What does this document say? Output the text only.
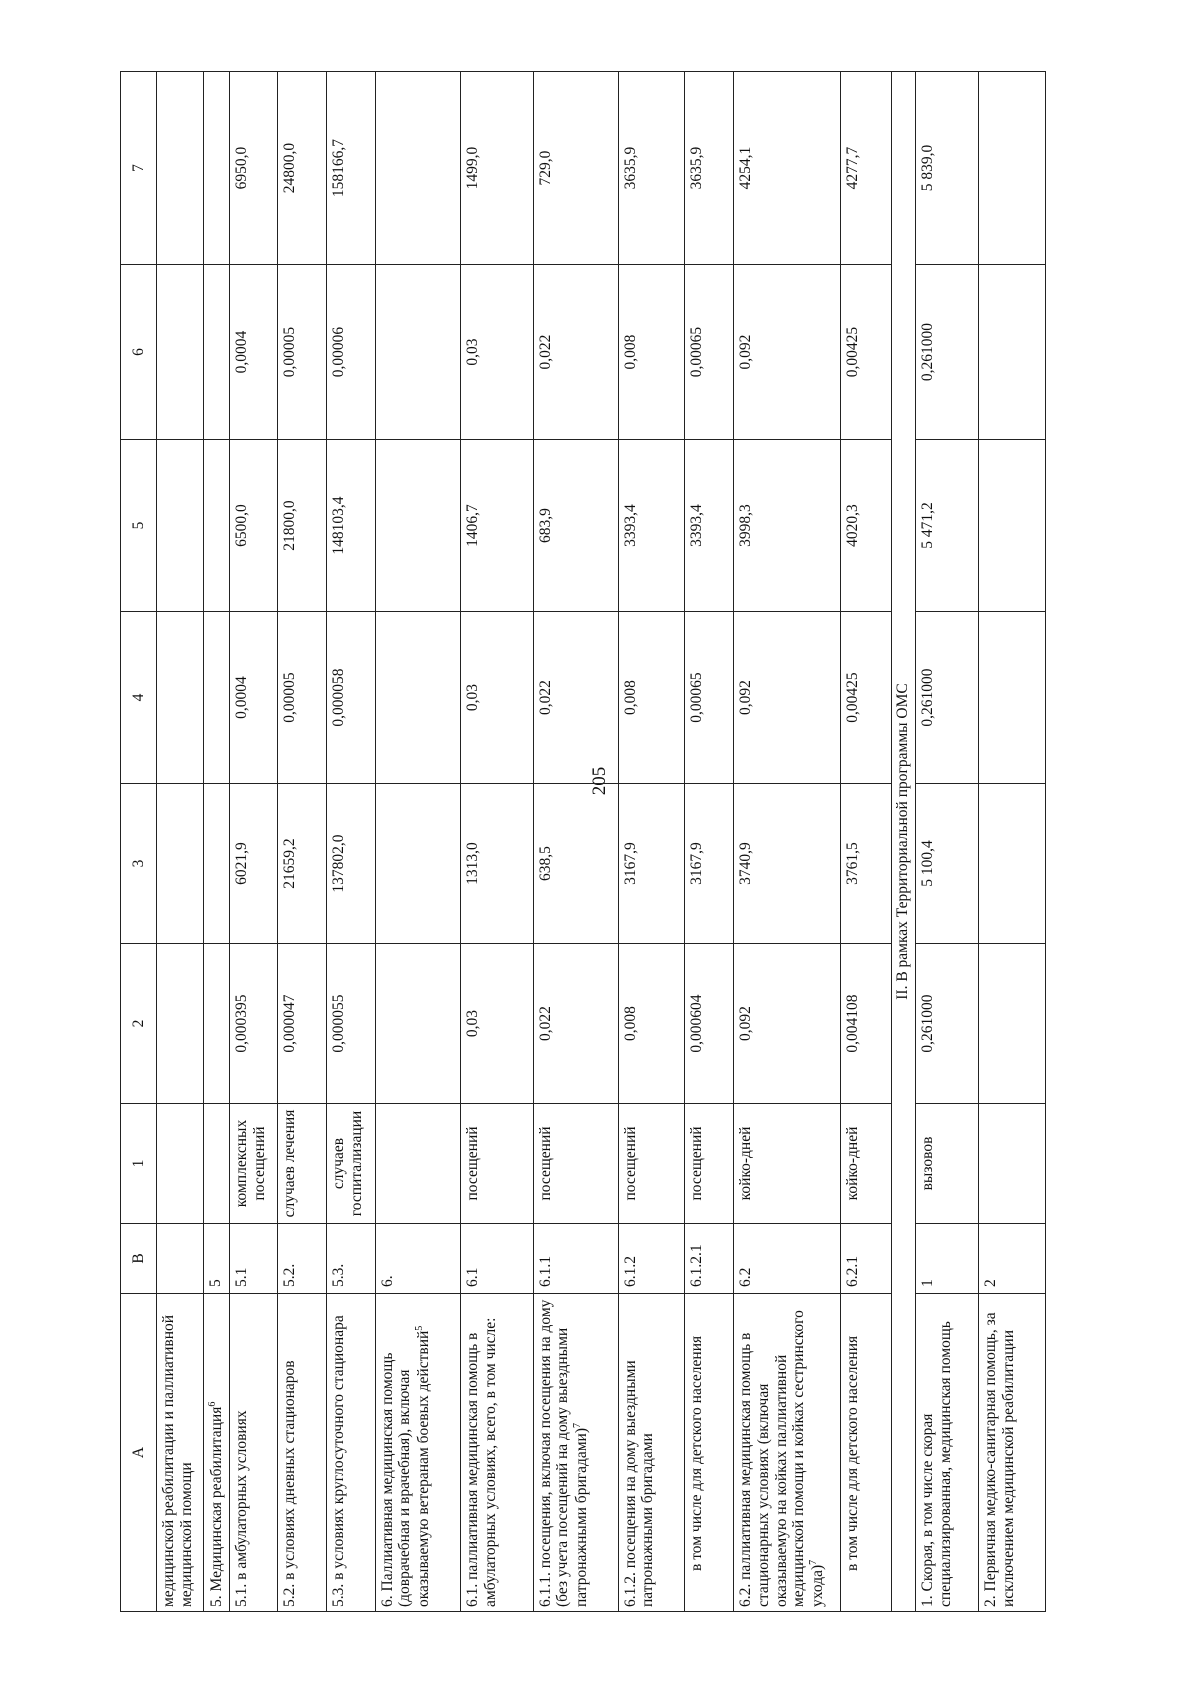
205
А	В	1	2	3	4	5	6	7
медицинской реабилитации и паллиативной медицинской помощи								
5. Медицинская реабилитация$^6$	5							
5.1. в амбулаторных условиях	5.1	комплексных посещений	0,000395	6021,9	0,0004	6500,0	0,0004	6950,0
5.2. в условиях дневных стационаров	5.2.	случаев лечения	0,000047	21659,2	0,00005	21800,0	0,00005	24800,0
5.3. в условиях круглосуточного стационара	5.3.	случаев госпитализации	0,000055	137802,0	0,000058	148103,4	0,00006	158166,7
6. Паллиативная медицинская помощь (доврачебная и врачебная), включая оказываемую ветеранам боевых действий$^5$	6.							
6.1. паллиативная медицинская помощь в амбулаторных условиях, всего, в том числе:	6.1	посещений	0,03	1313,0	0,03	1406,7	0,03	1499,0
6.1.1. посещения, включая посещения на дому (без учета посещений на дому выездными патронажными бригадами)$^7$	6.1.1	посещений	0,022	638,5	0,022	683,9	0,022	729,0
6.1.2. посещения на дому выездными патронажными бригадами	6.1.2	посещений	0,008	3167,9	0,008	3393,4	0,008	3635,9
в том числе для детского населения	6.1.2.1	посещений	0,000604	3167,9	0,00065	3393,4	0,00065	3635,9
6.2. паллиативная медицинская помощь в стационарных условиях (включая оказываемую на койках паллиативной медицинской помощи и койках сестринского ухода)$^7$	6.2	койко-дней	0,092	3740,9	0,092	3998,3	0,092	4254,1
в том числе для детского населения	6.2.1	койко-дней	0,004108	3761,5	0,00425	4020,3	0,00425	4277,7
II. В рамках Территориальной программы ОМС								
1. Скорая, в том числе скорая специализированная, медицинская помощь	1	вызовов	0,261000	5 100,4	0,261000	5 471,2	0,261000	5 839,0
2. Первичная медико-санитарная помощь, за исключением медицинской реабилитации	2							
